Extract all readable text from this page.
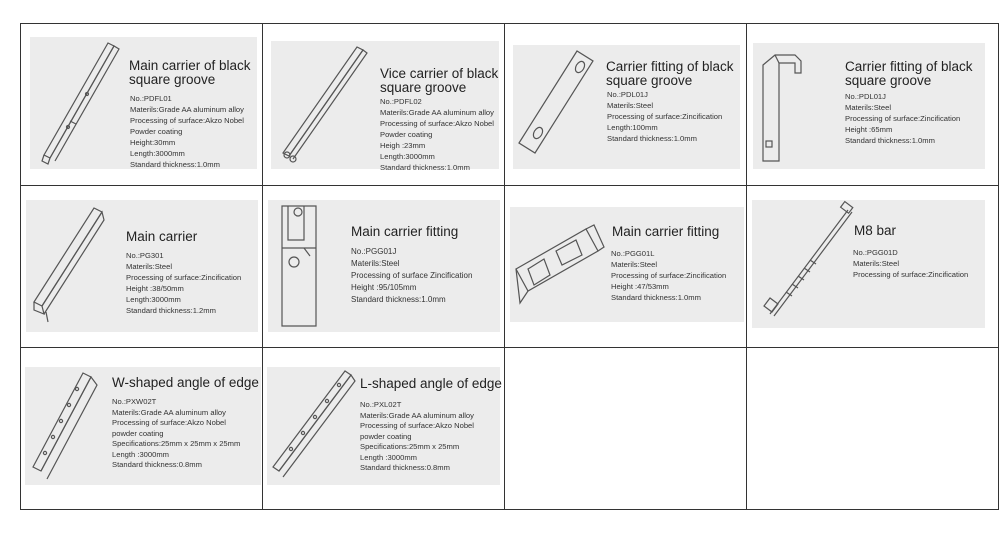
Main carrier of black
square groove
No.:PDFL01
Materils:Grade AA aluminum alloy
Processing of surface:Akzo Nobel
Powder coating
Height:30mm
Length:3000mm
Standard thickness:1.0mm
Vice carrier of black
square groove
No.:PDFL02
Materils:Grade AA aluminum alloy
Processing of surface:Akzo Nobel
Powder coating
Heigh :23mm
Length:3000mm
Standard thickness:1.0mm
Carrier fitting of black
square groove
No.:PDL01J
Materils:Steel
Processing of surface:Zincification
Length:100mm
Standard thickness:1.0mm
Carrier fitting of black
square groove
No.:PDL01J
Materils:Steel
Processing of surface:Zincification
Height :65mm
Standard thickness:1.0mm
Main carrier
No.:PG301
Materils:Steel
Processing of surface:Zincification
Height :38/50mm
Length:3000mm
Standard thickness:1.2mm
Main carrier fitting
No.:PGG01J
Materils:Steel
Processing of surface Zincification
Height :95/105mm
Standard thickness:1.0mm
Main carrier fitting
No.:PGG01L
Materils:Steel
Processing of surface:Zincification
Height :47/53mm
Standard thickness:1.0mm
M8 bar
No.:PGG01D
Materils:Steel
Processing of surface:Zincification
W-shaped angle of edge
No.:PXW02T
Materils:Grade AA aluminum alloy
Processing of surface:Akzo Nobel
powder coating
Specifications:25mm x 25mm x 25mm
Length :3000mm
Standard thickness:0.8mm
L-shaped angle of edge
No.:PXL02T
Materils:Grade AA aluminum alloy
Processing of surface:Akzo Nobel
powder coating
Specifications:25mm x 25mm
Length :3000mm
Standard thickness:0.8mm
